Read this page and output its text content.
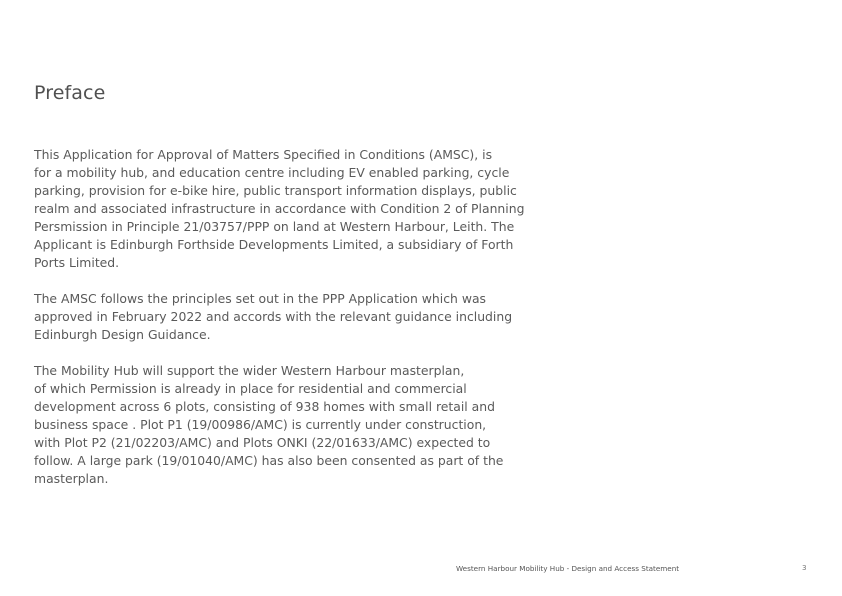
Preface

This Application for Approval of Matters Specified in Conditions (AMSC), is
for a mobility hub, and education centre including EV enabled parking, cycle
parking, provision for e-bike hire, public transport information displays, public
realm and associated infrastructure in accordance with Condition 2 of Planning
Persmission in Principle 21/03757/PPP on land at Western Harbour, Leith. The
Applicant is Edinburgh Forthside Developments Limited, a subsidiary of Forth
Ports Limited.

The AMSC follows the principles set out in the PPP Application which was
approved in February 2022 and accords with the relevant guidance including
Edinburgh Design Guidance.

The Mobility Hub will support the wider Western Harbour masterplan,
of which Permission is already in place for residential and commercial
development across 6 plots, consisting of 938 homes with small retail and
business space . Plot P1 (19/00986/AMC) is currently under construction,
with Plot P2 (21/02203/AMC) and Plots ONKI (22/01633/AMC) expected to
follow. A large park (19/01040/AMC) has also been consented as part of the
masterplan.

Western Harbour Mobility Hub - Design and Access Statement	3
